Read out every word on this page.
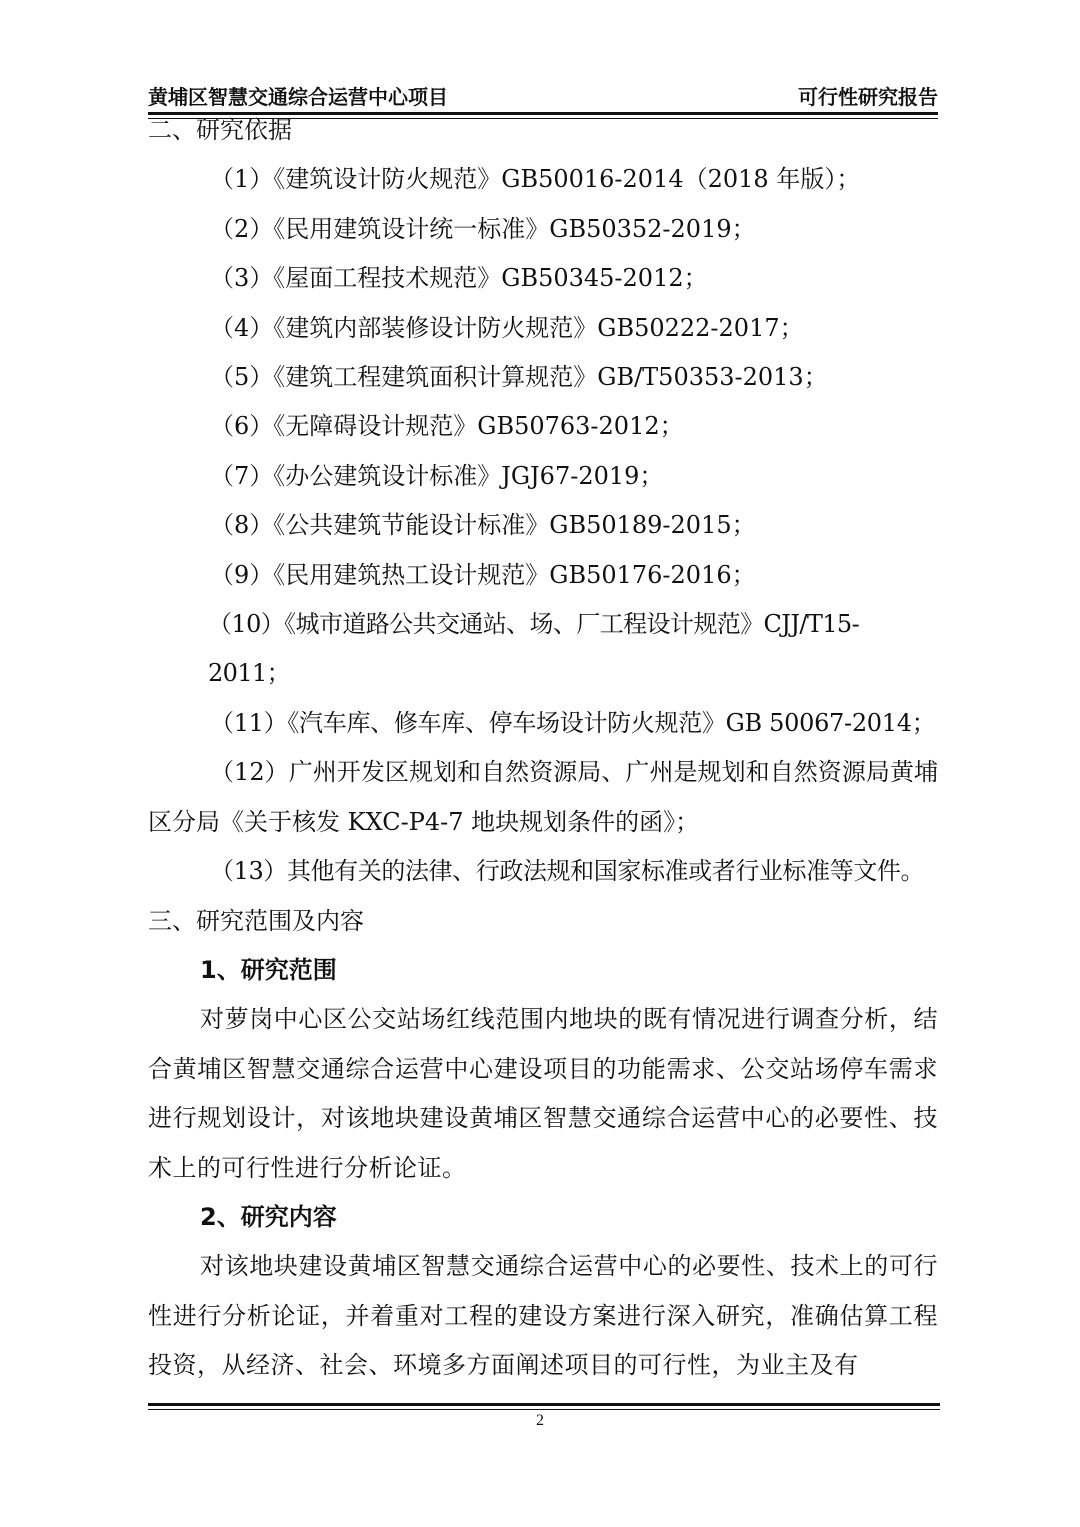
黄埔区智慧交通综合运营中心项目	可行性研究报告

二、研究依据

（1）《建筑设计防火规范》GB50016-2014（2018 年版）；

（2）《民用建筑设计统一标准》GB50352-2019；

（3）《屋面工程技术规范》GB50345-2012；

（4）《建筑内部装修设计防火规范》GB50222-2017；

（5）《建筑工程建筑面积计算规范》GB/T50353-2013；

（6）《无障碍设计规范》GB50763-2012；

（7）《办公建筑设计标准》JGJ67-2019；

（8）《公共建筑节能设计标准》GB50189-2015；

（9）《民用建筑热工设计规范》GB50176-2016；

（10）《城市道路公共交通站、场、厂工程设计规范》CJJ/T15-2011；

（11）《汽车库、修车库、停车场设计防火规范》GB 50067-2014；

（12）广州开发区规划和自然资源局、广州是规划和自然资源局黄埔区分局《关于核发 KXC-P4-7 地块规划条件的函》；

（13）其他有关的法律、行政法规和国家标准或者行业标准等文件。

三、研究范围及内容

1、研究范围

对萝岗中心区公交站场红线范围内地块的既有情况进行调查分析，结合黄埔区智慧交通综合运营中心建设项目的功能需求、公交站场停车需求进行规划设计，对该地块建设黄埔区智慧交通综合运营中心的必要性、技术上的可行性进行分析论证。

2、研究内容

对该地块建设黄埔区智慧交通综合运营中心的必要性、技术上的可行性进行分析论证，并着重对工程的建设方案进行深入研究，准确估算工程投资，从经济、社会、环境多方面阐述项目的可行性，为业主及有

2
